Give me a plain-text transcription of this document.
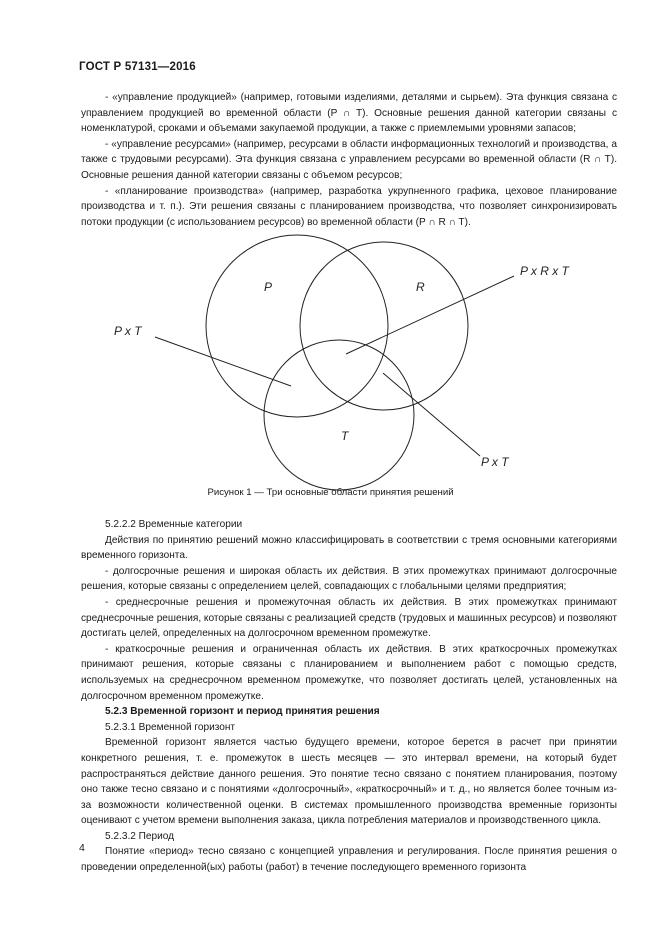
ГОСТ Р 57131—2016

- «управление продукцией» (например, готовыми изделиями, деталями и сырьем). Эта функция связана с управлением продукцией во временной области (P ∩ T). Основные решения данной категории связаны с номенклатурой, сроками и объемами закупаемой продукции, а также с приемлемыми уровнями запасов;

- «управление ресурсами» (например, ресурсами в области информационных технологий и производства, а также с трудовыми ресурсами). Эта функция связана с управлением ресурсами во временной области (R ∩ T). Основные решения данной категории связаны с объемом ресурсов;

- «планирование производства» (например, разработка укрупненного графика, цеховое планирование производства и т. п.). Эти решения связаны с планированием производства, что позволяет синхронизировать потоки продукции (с использованием ресурсов) во временной области (P ∩ R ∩ T).

P	R
T
P x T
P x R x T
P x T
Рисунок 1 — Три основные области принятия решений

5.2.2.2 Временные категории

Действия по принятию решений можно классифицировать в соответствии с тремя основными категориями временного горизонта.

- долгосрочные решения и широкая область их действия. В этих промежутках принимают долгосрочные решения, которые связаны с определением целей, совпадающих с глобальными целями предприятия;

- среднесрочные решения и промежуточная область их действия. В этих промежутках принимают среднесрочные решения, которые связаны с реализацией средств (трудовых и машинных ресурсов) и позволяют достигать целей, определенных на долгосрочном временном промежутке.

- краткосрочные решения и ограниченная область их действия. В этих краткосрочных промежутках принимают решения, которые связаны с планированием и выполнением работ с помощью средств, используемых на среднесрочном временном промежутке, что позволяет достигать целей, установленных на долгосрочном временном промежутке.

5.2.3 Временной горизонт и период принятия решения

5.2.3.1 Временной горизонт

Временной горизонт является частью будущего времени, которое берется в расчет при принятии конкретного решения, т. е. промежуток в шесть месяцев — это интервал времени, на который будет распространяться действие данного решения. Это понятие тесно связано с понятием планирования, поэтому оно также тесно связано и с понятиями «долгосрочный», «краткосрочный» и т. д., но является более точным из-за возможности количественной оценки. В системах промышленного производства временные горизонты оценивают с учетом времени выполнения заказа, цикла потребления материалов и производственного цикла.

5.2.3.2 Период

Понятие «период» тесно связано с концепцией управления и регулирования. После принятия решения о проведении определенной(ых) работы (работ) в течение последующего временного горизонта

4
